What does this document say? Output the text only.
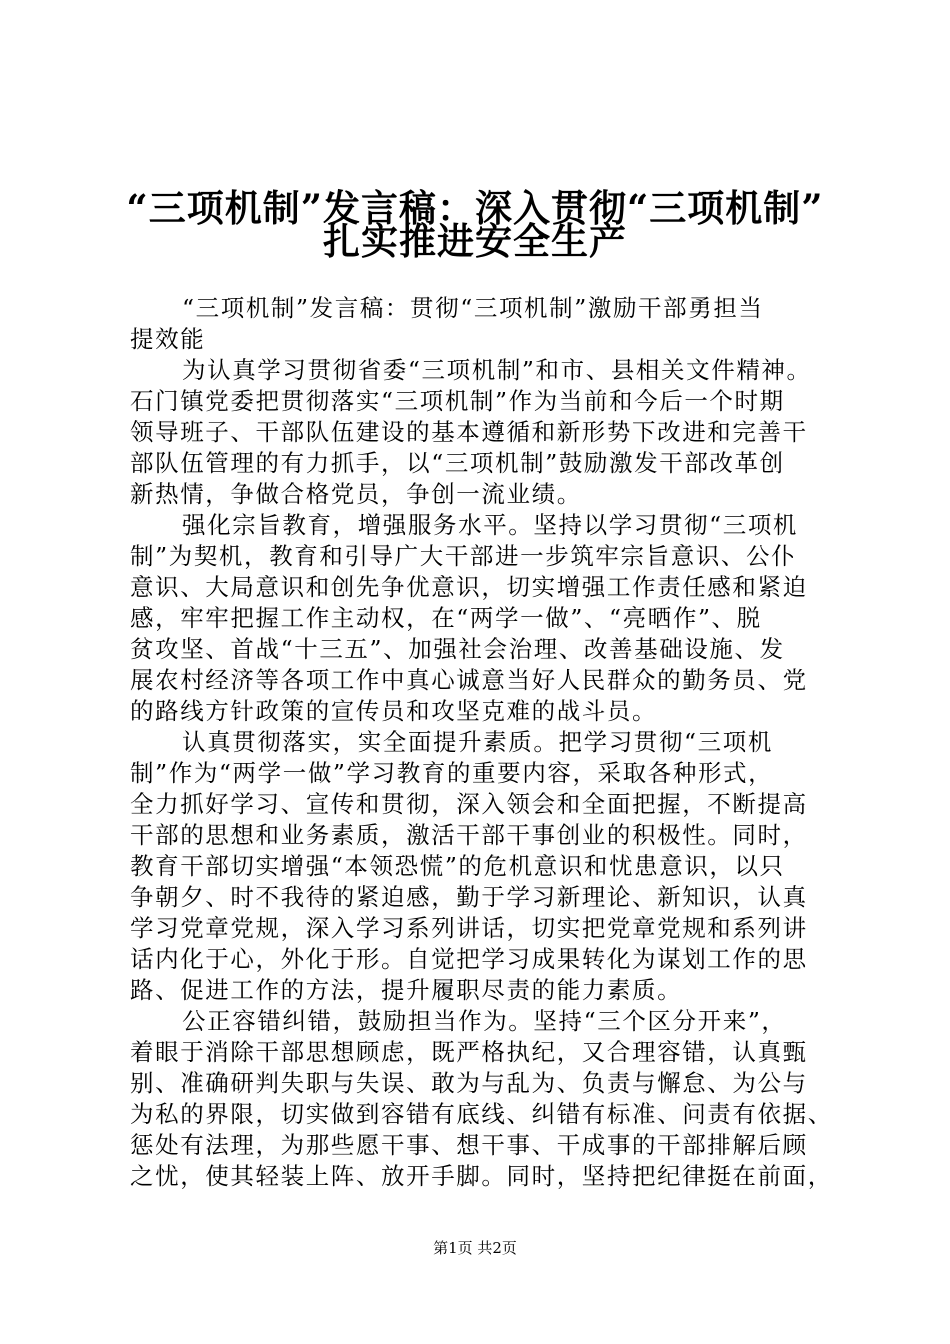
“三项机制”发言稿：深入贯彻“三项机制”
扎实推进安全生产
“三项机制”发言稿：贯彻“三项机制”激励干部勇担当
提效能
为认真学习贯彻省委“三项机制”和市、县相关文件精神。
石门镇党委把贯彻落实“三项机制”作为当前和今后一个时期
领导班子、干部队伍建设的基本遵循和新形势下改进和完善干
部队伍管理的有力抓手，以“三项机制”鼓励激发干部改革创
新热情，争做合格党员，争创一流业绩。
强化宗旨教育，增强服务水平。坚持以学习贯彻“三项机
制”为契机，教育和引导广大干部进一步筑牢宗旨意识、公仆
意识、大局意识和创先争优意识，切实增强工作责任感和紧迫
感，牢牢把握工作主动权，在“两学一做”、“亮晒作”、脱
贫攻坚、首战“十三五”、加强社会治理、改善基础设施、发
展农村经济等各项工作中真心诚意当好人民群众的勤务员、党
的路线方针政策的宣传员和攻坚克难的战斗员。
认真贯彻落实，实全面提升素质。把学习贯彻“三项机
制”作为“两学一做”学习教育的重要内容，采取各种形式，
全力抓好学习、宣传和贯彻，深入领会和全面把握，不断提高
干部的思想和业务素质，激活干部干事创业的积极性。同时，
教育干部切实增强“本领恐慌”的危机意识和忧患意识，以只
争朝夕、时不我待的紧迫感，勤于学习新理论、新知识，认真
学习党章党规，深入学习系列讲话，切实把党章党规和系列讲
话内化于心，外化于形。自觉把学习成果转化为谋划工作的思
路、促进工作的方法，提升履职尽责的能力素质。
公正容错纠错，鼓励担当作为。坚持“三个区分开来”，
着眼于消除干部思想顾虑，既严格执纪，又合理容错，认真甄
别、准确研判失职与失误、敢为与乱为、负责与懈怠、为公与
为私的界限，切实做到容错有底线、纠错有标准、问责有依据、
惩处有法理，为那些愿干事、想干事、干成事的干部排解后顾
之忧，使其轻装上阵、放开手脚。同时，坚持把纪律挺在前面，
第1页 共2页
